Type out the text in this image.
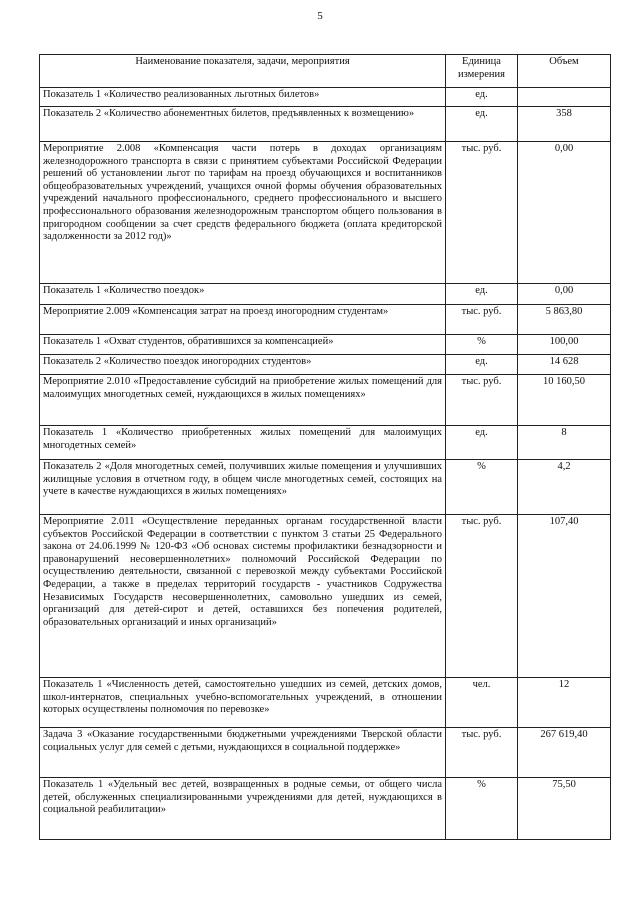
5
Наименование показателя, задачи, мероприятия	Единица измерения	Объем
Показатель 1 «Количество реализованных льготных билетов»	ед.	
Показатель 2 «Количество абонементных билетов, предъявленных к возмещению»	ед.	358
Мероприятие 2.008 «Компенсация части потерь в доходах организациям железнодорожного транспорта в связи с принятием субъектами Российской Федерации решений об установлении льгот по тарифам на проезд обучающихся и воспитанников общеобразовательных учреждений, учащихся очной формы обучения образовательных учреждений начального профессионального, среднего профессионального и высшего профессионального образования железнодорожным транспортом общего пользования в пригородном сообщении за счет средств федерального бюджета (оплата кредиторской задолженности за 2012 год)»	тыс. руб.	0,00
Показатель 1 «Количество поездок»	ед.	0,00
Мероприятие 2.009 «Компенсация затрат на проезд иногородним студентам»	тыс. руб.	5 863,80
Показатель 1 «Охват студентов, обратившихся за компенсацией»	%	100,00
Показатель 2 «Количество поездок иногородних студентов»	ед.	14 628
Мероприятие 2.010 «Предоставление субсидий на приобретение жилых помещений для малоимущих многодетных семей, нуждающихся в жилых помещениях»	тыс. руб.	10 160,50
Показатель 1 «Количество приобретенных жилых помещений для малоимущих многодетных семей»	ед.	8
Показатель 2 «Доля многодетных семей, получивших жилые помещения и улучшивших жилищные условия в отчетном году, в общем числе многодетных семей, состоящих на учете в качестве нуждающихся в жилых помещениях»	%	4,2
Мероприятие 2.011 «Осуществление переданных органам государственной власти субъектов Российской Федерации в соответствии с пунктом 3 статьи 25 Федерального закона от 24.06.1999 № 120-ФЗ «Об основах системы профилактики безнадзорности и правонарушений несовершеннолетних» полномочий Российской Федерации по осуществлению деятельности, связанной с перевозкой между субъектами Российской Федерации, а также в пределах территорий государств - участников Содружества Независимых Государств несовершеннолетних, самовольно ушедших из семей, организаций для детей-сирот и детей, оставшихся без попечения родителей, образовательных организаций и иных организаций»	тыс. руб.	107,40
Показатель 1 «Численность детей, самостоятельно ушедших из семей, детских домов, школ-интернатов, специальных учебно-вспомогательных учреждений, в отношении которых осуществлены полномочия по перевозке»	чел.	12
Задача 3 «Оказание государственными бюджетными учреждениями Тверской области социальных услуг для семей с детьми, нуждающихся в социальной поддержке»	тыс. руб.	267 619,40
Показатель 1 «Удельный вес детей, возвращенных в родные семьи, от общего числа детей, обслуженных специализированными учреждениями для детей, нуждающихся в социальной реабилитации»	%	75,50
